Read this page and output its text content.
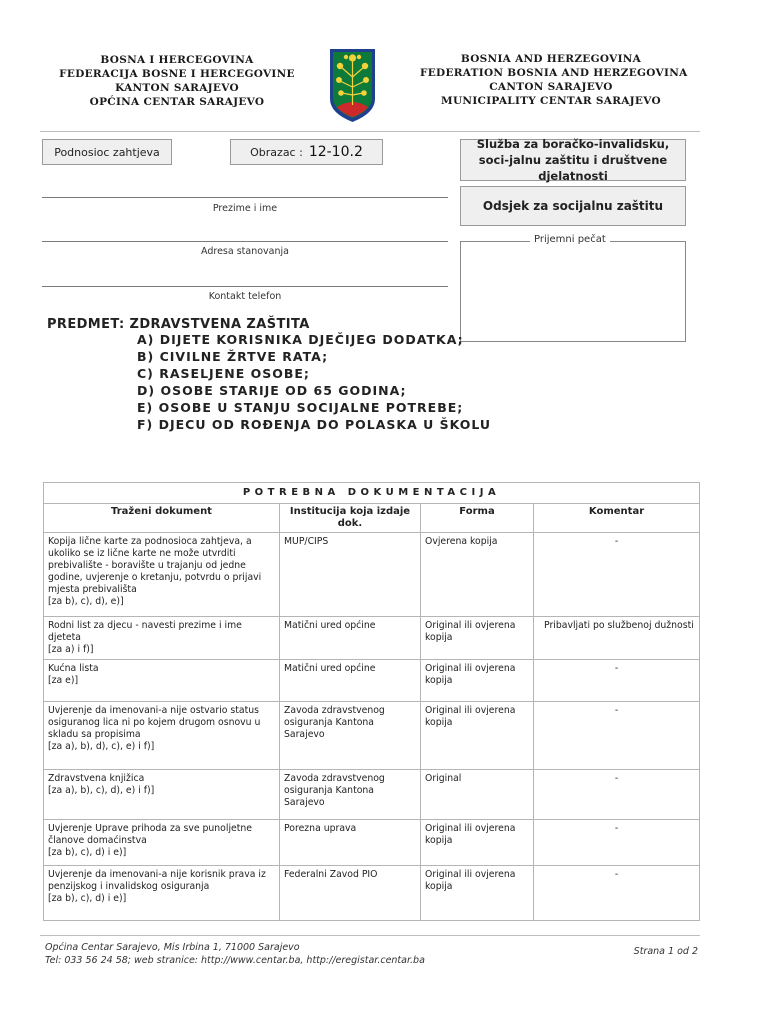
BOSNA I HERCEGOVINA
FEDERACIJA BOSNE I HERCEGOVINE
KANTON SARAJEVO
OPĆINA CENTAR SARAJEVO
BOSNIA AND HERZEGOVINA
FEDERATION BOSNIA AND HERZEGOVINA
CANTON SARAJEVO
MUNICIPALITY CENTAR SARAJEVO
Podnosioc zahtjeva	Obrazac : 12-10.2	Služba za boračko-invalidsku, soci-jalnu zaštitu i društvene djelatnosti
Odsjek za socijalnu zaštitu
Prezime i ime
Adresa stanovanja
Kontakt telefon
Prijemni pečat
PREDMET: ZDRAVSTVENA ZAŠTITA
A) DIJETE KORISNIKA DJEČIJEG DODATKA;
B) CIVILNE ŽRTVE RATA;
C) RASELJENE OSOBE;
D) OSOBE STARIJE OD 65 GODINA;
E) OSOBE U STANJU SOCIJALNE POTREBE;
F) DJECU OD ROĐENJA DO POLASKA U ŠKOLU
POTREBNA DOKUMENTACIJA			
Traženi dokument	Institucija koja izdaje dok.	Forma	Komentar

Kopija lične karte za podnosioca zahtjeva, a ukoliko se iz lične karte ne može utvrditi prebivalište - boravište u trajanju od jedne godine, uvjerenje o kretanju, potvrdu o prijavi mjesta prebivališta
[za b), c), d), e)]	MUP/CIPS	Ovjerena kopija	-

Rodni list za djecu - navesti prezime i ime djeteta
[za a) i f)]	Matični ured općine	Original ili ovjerena kopija	Pribavljati po službenoj dužnosti

Kućna lista
[za e)]	Matični ured općine	Original ili ovjerena kopija	-

Uvjerenje da imenovani-a nije ostvario status osiguranog lica ni po kojem drugom osnovu u skladu sa propisima
[za a), b), d), c), e) i f)]	Zavoda zdravstvenog osiguranja Kantona Sarajevo	Original ili ovjerena kopija	-

Zdravstvena knjižica
[za a), b), c), d), e) i f)]	Zavoda zdravstvenog osiguranja Kantona Sarajevo	Original	-

Uvjerenje Uprave prihoda za sve punoljetne članove domaćinstva
[za b), c), d) i e)]	Porezna uprava	Original ili ovjerena kopija	-

Uvjerenje da imenovani-a nije korisnik prava iz penzijskog i invalidskog osiguranja
[za b), c), d) i e)]	Federalni Zavod PIO	Original ili ovjerena kopija	-
Općina Centar Sarajevo, Mis Irbina 1, 71000 Sarajevo
Tel: 033 56 24 58; web stranice: http://www.centar.ba, http://eregistar.centar.ba
Strana 1 od 2
